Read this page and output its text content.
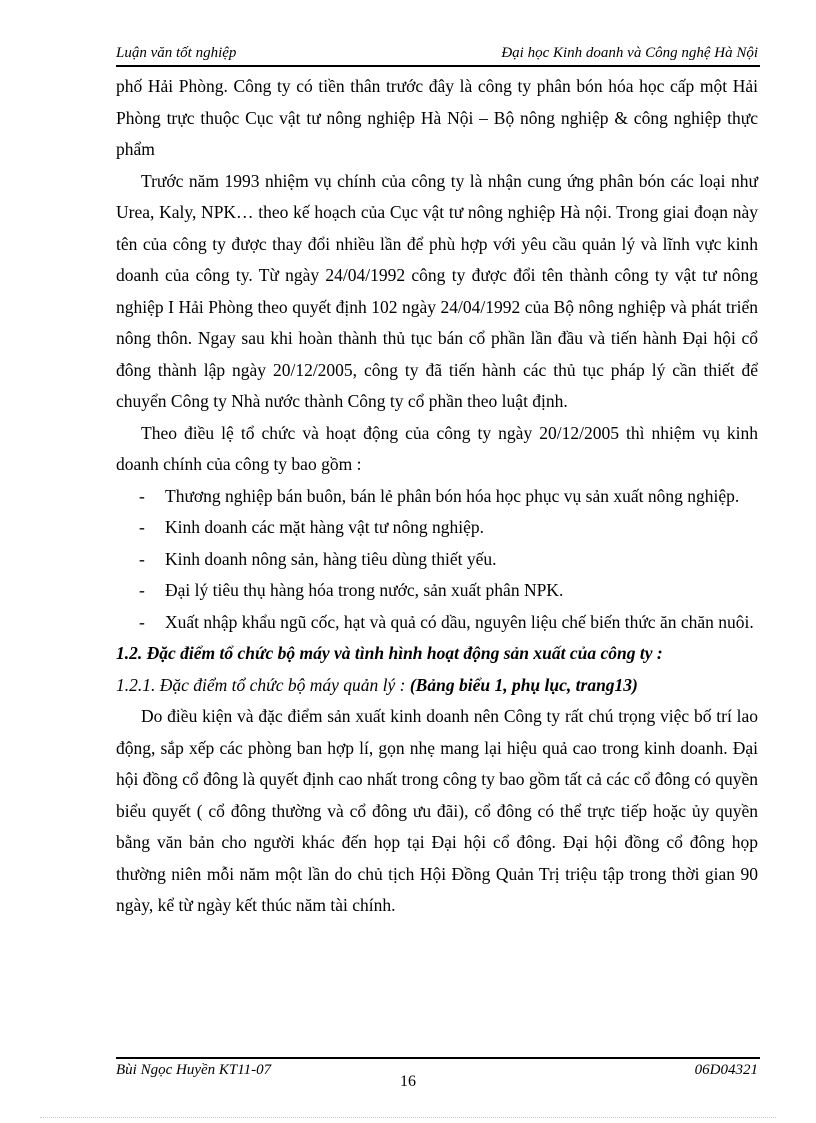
Luận văn tốt nghiệp	Đại học Kinh doanh và Công nghệ Hà Nội

phố Hải Phòng. Công ty có tiền thân trước đây là công ty phân bón hóa học cấp một Hải Phòng trực thuộc Cục vật tư nông nghiệp Hà Nội – Bộ nông nghiệp & công nghiệp thực phẩm

Trước năm 1993 nhiệm vụ chính của công ty là nhận cung ứng phân bón các loại như Urea, Kaly, NPK… theo kế hoạch của Cục vật tư nông nghiệp Hà nội. Trong giai đoạn này tên của công ty được thay đổi nhiều lần để phù hợp với yêu cầu quản lý và lĩnh vực kinh doanh của công ty. Từ ngày 24/04/1992 công ty được đổi tên thành công ty vật tư nông nghiệp I Hải Phòng theo quyết định 102 ngày 24/04/1992 của Bộ nông nghiệp và phát triển nông thôn. Ngay sau khi hoàn thành thủ tục bán cổ phần lần đầu và tiến hành Đại hội cổ đông thành lập ngày 20/12/2005, công ty đã tiến hành các thủ tục pháp lý cần thiết để chuyển Công ty Nhà nước thành Công ty cổ phần theo luật định.

Theo điều lệ tổ chức và hoạt động của công ty ngày 20/12/2005 thì nhiệm vụ kinh doanh chính của công ty bao gồm :

- Thương nghiệp bán buôn, bán lẻ phân bón hóa học phục vụ sản xuất nông nghiệp.
- Kinh doanh các mặt hàng vật tư nông nghiệp.
- Kinh doanh nông sản, hàng tiêu dùng thiết yếu.
- Đại lý tiêu thụ hàng hóa trong nước, sản xuất phân NPK.
- Xuất nhập khẩu ngũ cốc, hạt và quả có dầu, nguyên liệu chế biến thức ăn chăn nuôi.

1.2. Đặc điểm tổ chức bộ máy và tình hình hoạt động sản xuất của công ty :

1.2.1. Đặc điểm tổ chức bộ máy quản lý : (Bảng biểu 1, phụ lục, trang13)

Do điều kiện và đặc điểm sản xuất kinh doanh nên Công ty rất chú trọng việc bố trí lao động, sắp xếp các phòng ban hợp lí, gọn nhẹ mang lại hiệu quả cao trong kinh doanh. Đại hội đồng cổ đông là quyết định cao nhất trong công ty bao gồm tất cả các cổ đông có quyền biểu quyết ( cổ đông thường và cổ đông ưu đãi), cổ đông có thể trực tiếp hoặc ủy quyền bằng văn bản cho người khác đến họp tại Đại hội cổ đông. Đại hội đồng cổ đông họp thường niên mỗi năm một lần do chủ tịch Hội Đồng Quản Trị triệu tập trong thời gian 90 ngày, kể từ ngày kết thúc năm tài chính.

Bùi Ngọc Huyền KT11-07	06D04321
16
